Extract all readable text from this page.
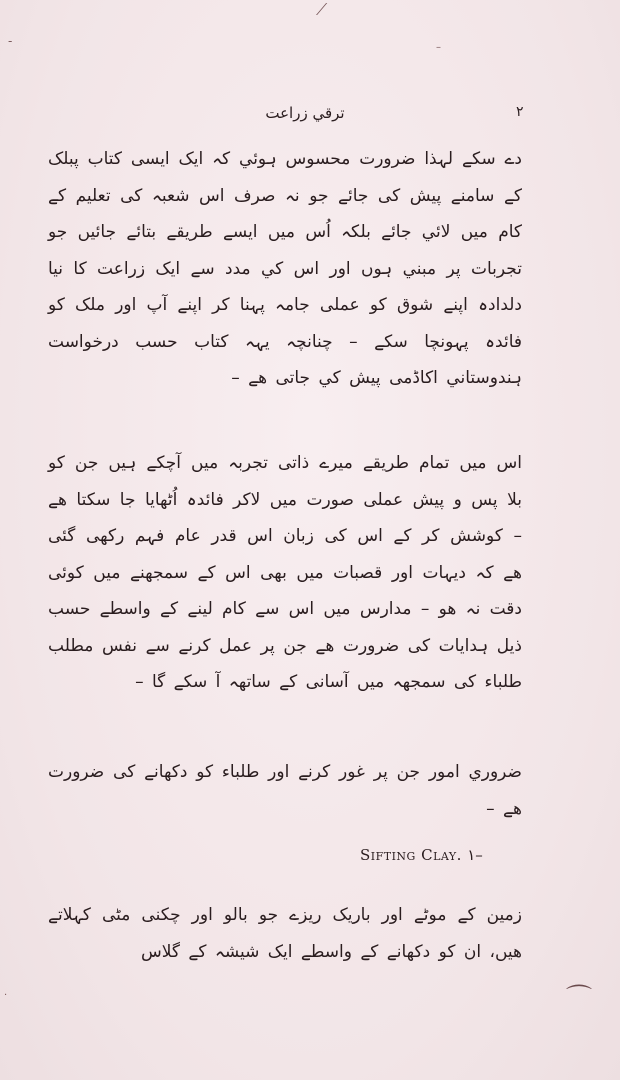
⟋
‐	–
⌒
·
ترقي زراعت	۲

دے سکے لہذا ضرورت محسوس ہوئي کہ ایک ایسی کتاب پبلک کے سامنے پیش کی جائے جو نہ صرف اس شعبہ کی تعلیم کے کام میں لائي جائے بلکہ اُس میں ایسے طریقے بتائے جائیں جو تجربات پر مبني ہوں اور اس کي مدد سے ایک زراعت کا نیا دلدادہ اپنے شوق کو عملی جامہ پہنا کر اپنے آپ اور ملک کو فائدہ پہونچا سکے – چنانچہ یہہ کتاب حسب درخواست ہندوستاني اکاڈمی پیش کي جاتی ھے –

اس میں تمام طریقے میرے ذاتی تجربہ میں آچکے ہیں جن کو بلا پس و پیش عملی صورت میں لاکر فائدہ اُٹھایا جا سکتا ھے – کوشش کر کے اس کی زبان اس قدر عام فہم رکھی گئی ھے کہ دیہات اور قصبات میں بھی اس کے سمجھنے میں کوئی دقت نہ ھو – مدارس میں اس سے کام لینے کے واسطے حسب ذیل ہدایات کی ضرورت ھے جن پر عمل کرنے سے نفس مطلب طلباء کی سمجھہ میں آسانی کے ساتھہ آ سکے گا –

ضروري امور جن پر غور کرنے اور طلباء کو دکھانے کی ضرورت ھے –

Sifting Clay. ۱–

زمین کے موٹے اور باریک ریزے جو بالو اور چکنی مٹی کہلاتے ھیں، ان کو دکھانے کے واسطے ایک شیشہ کے گلاس
